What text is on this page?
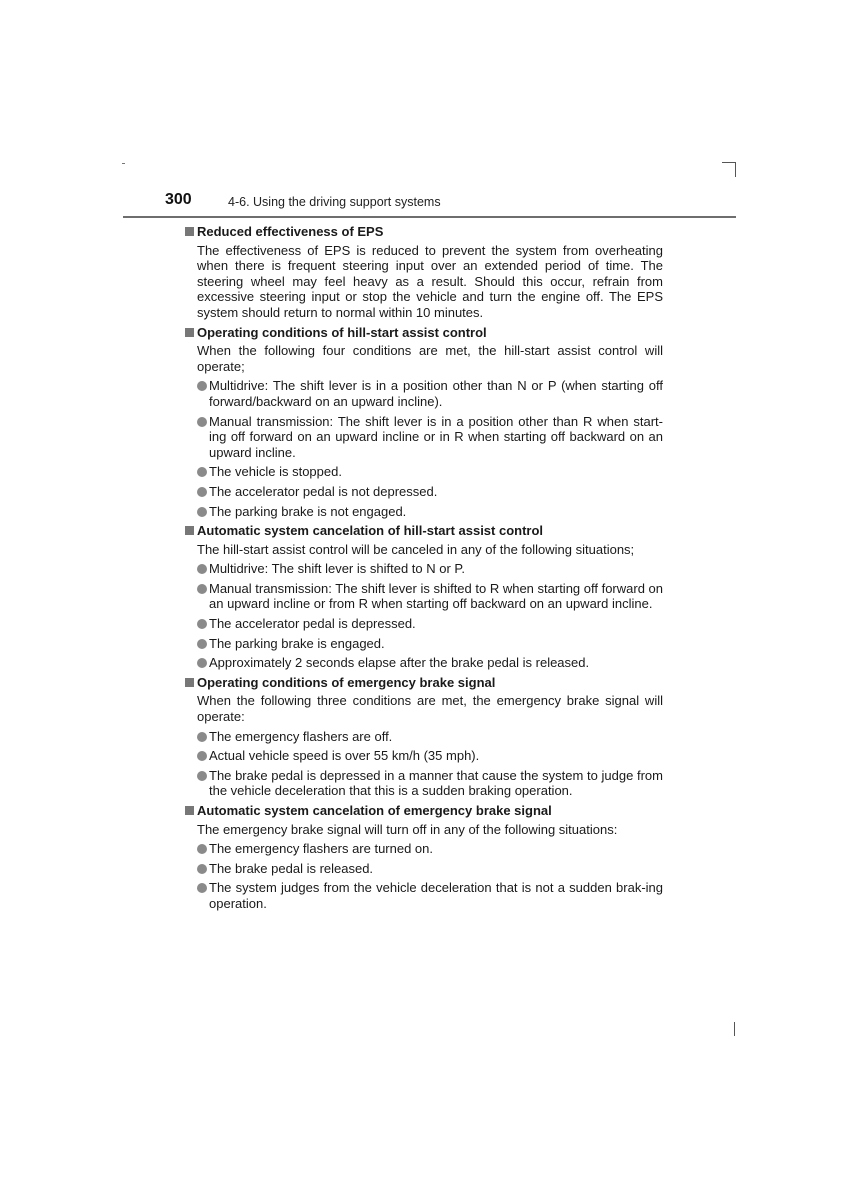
300	4-6. Using the driving support systems
Reduced effectiveness of EPS
The effectiveness of EPS is reduced to prevent the system from overheating when there is frequent steering input over an extended period of time. The steering wheel may feel heavy as a result. Should this occur, refrain from excessive steering input or stop the vehicle and turn the engine off. The EPS system should return to normal within 10 minutes.
Operating conditions of hill-start assist control
When the following four conditions are met, the hill-start assist control will operate;
Multidrive: The shift lever is in a position other than N or P (when starting off forward/backward on an upward incline).
Manual transmission: The shift lever is in a position other than R when start-ing off forward on an upward incline or in R when starting off backward on an upward incline.
The vehicle is stopped.
The accelerator pedal is not depressed.
The parking brake is not engaged.
Automatic system cancelation of hill-start assist control
The hill-start assist control will be canceled in any of the following situations;
Multidrive: The shift lever is shifted to N or P.
Manual transmission: The shift lever is shifted to R when starting off forward on an upward incline or from R when starting off backward on an upward incline.
The accelerator pedal is depressed.
The parking brake is engaged.
Approximately 2 seconds elapse after the brake pedal is released.
Operating conditions of emergency brake signal
When the following three conditions are met, the emergency brake signal will operate:
The emergency flashers are off.
Actual vehicle speed is over 55 km/h (35 mph).
The brake pedal is depressed in a manner that cause the system to judge from the vehicle deceleration that this is a sudden braking operation.
Automatic system cancelation of emergency brake signal
The emergency brake signal will turn off in any of the following situations:
The emergency flashers are turned on.
The brake pedal is released.
The system judges from the vehicle deceleration that is not a sudden brak-ing operation.
